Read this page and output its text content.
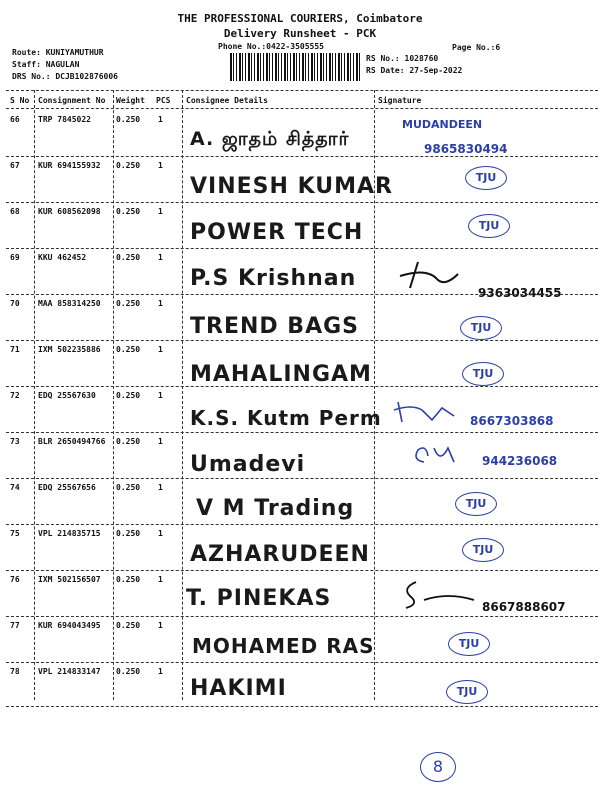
THE PROFESSIONAL COURIERS, Coimbatore
Delivery Runsheet - PCK
Phone No.:0422-3505555	Page No.:6
Route: KUNIYAMUTHUR
Staff: NAGULAN
DRS No.: DCJB102876006
RS No.: 1028760
RS Date: 27-Sep-2022
S No Consignment No Weight PCS Consignee Details	Signature
66 TRP 7845022	0.250 1
A. ஜாதம் சித்தார்
MUDANDEEN
9865830494
67 KUR 694155932 0.250 1
VINESH KUMAR	TJU
68 KUR 608562098 0.250 1
POWER TECH	TJU
69 KKU 462452	0.250 1
P.S Krishnan
9363034455
70 MAA 858314250 0.250 1
TREND BAGS	TJU
71 IXM 502235886 0.250 1
MAHALINGAM	TJU
72 EDQ 25567630	0.250 1
K.S. Kutm Perm	8667303868
73 BLR 2650494766 0.250 1
Umadevi	944236068
74 EDQ 25567656	0.250 1
V M Trading	TJU
75 VPL 214835715 0.250 1
AZHARUDEEN	TJU
76 IXM 502156507 0.250 1
T. PINEKAS	8667888607
77 KUR 694043495 0.250 1
MOHAMED RAS	TJU
78 VPL 214833147 0.250 1
HAKIMI	TJU
8
